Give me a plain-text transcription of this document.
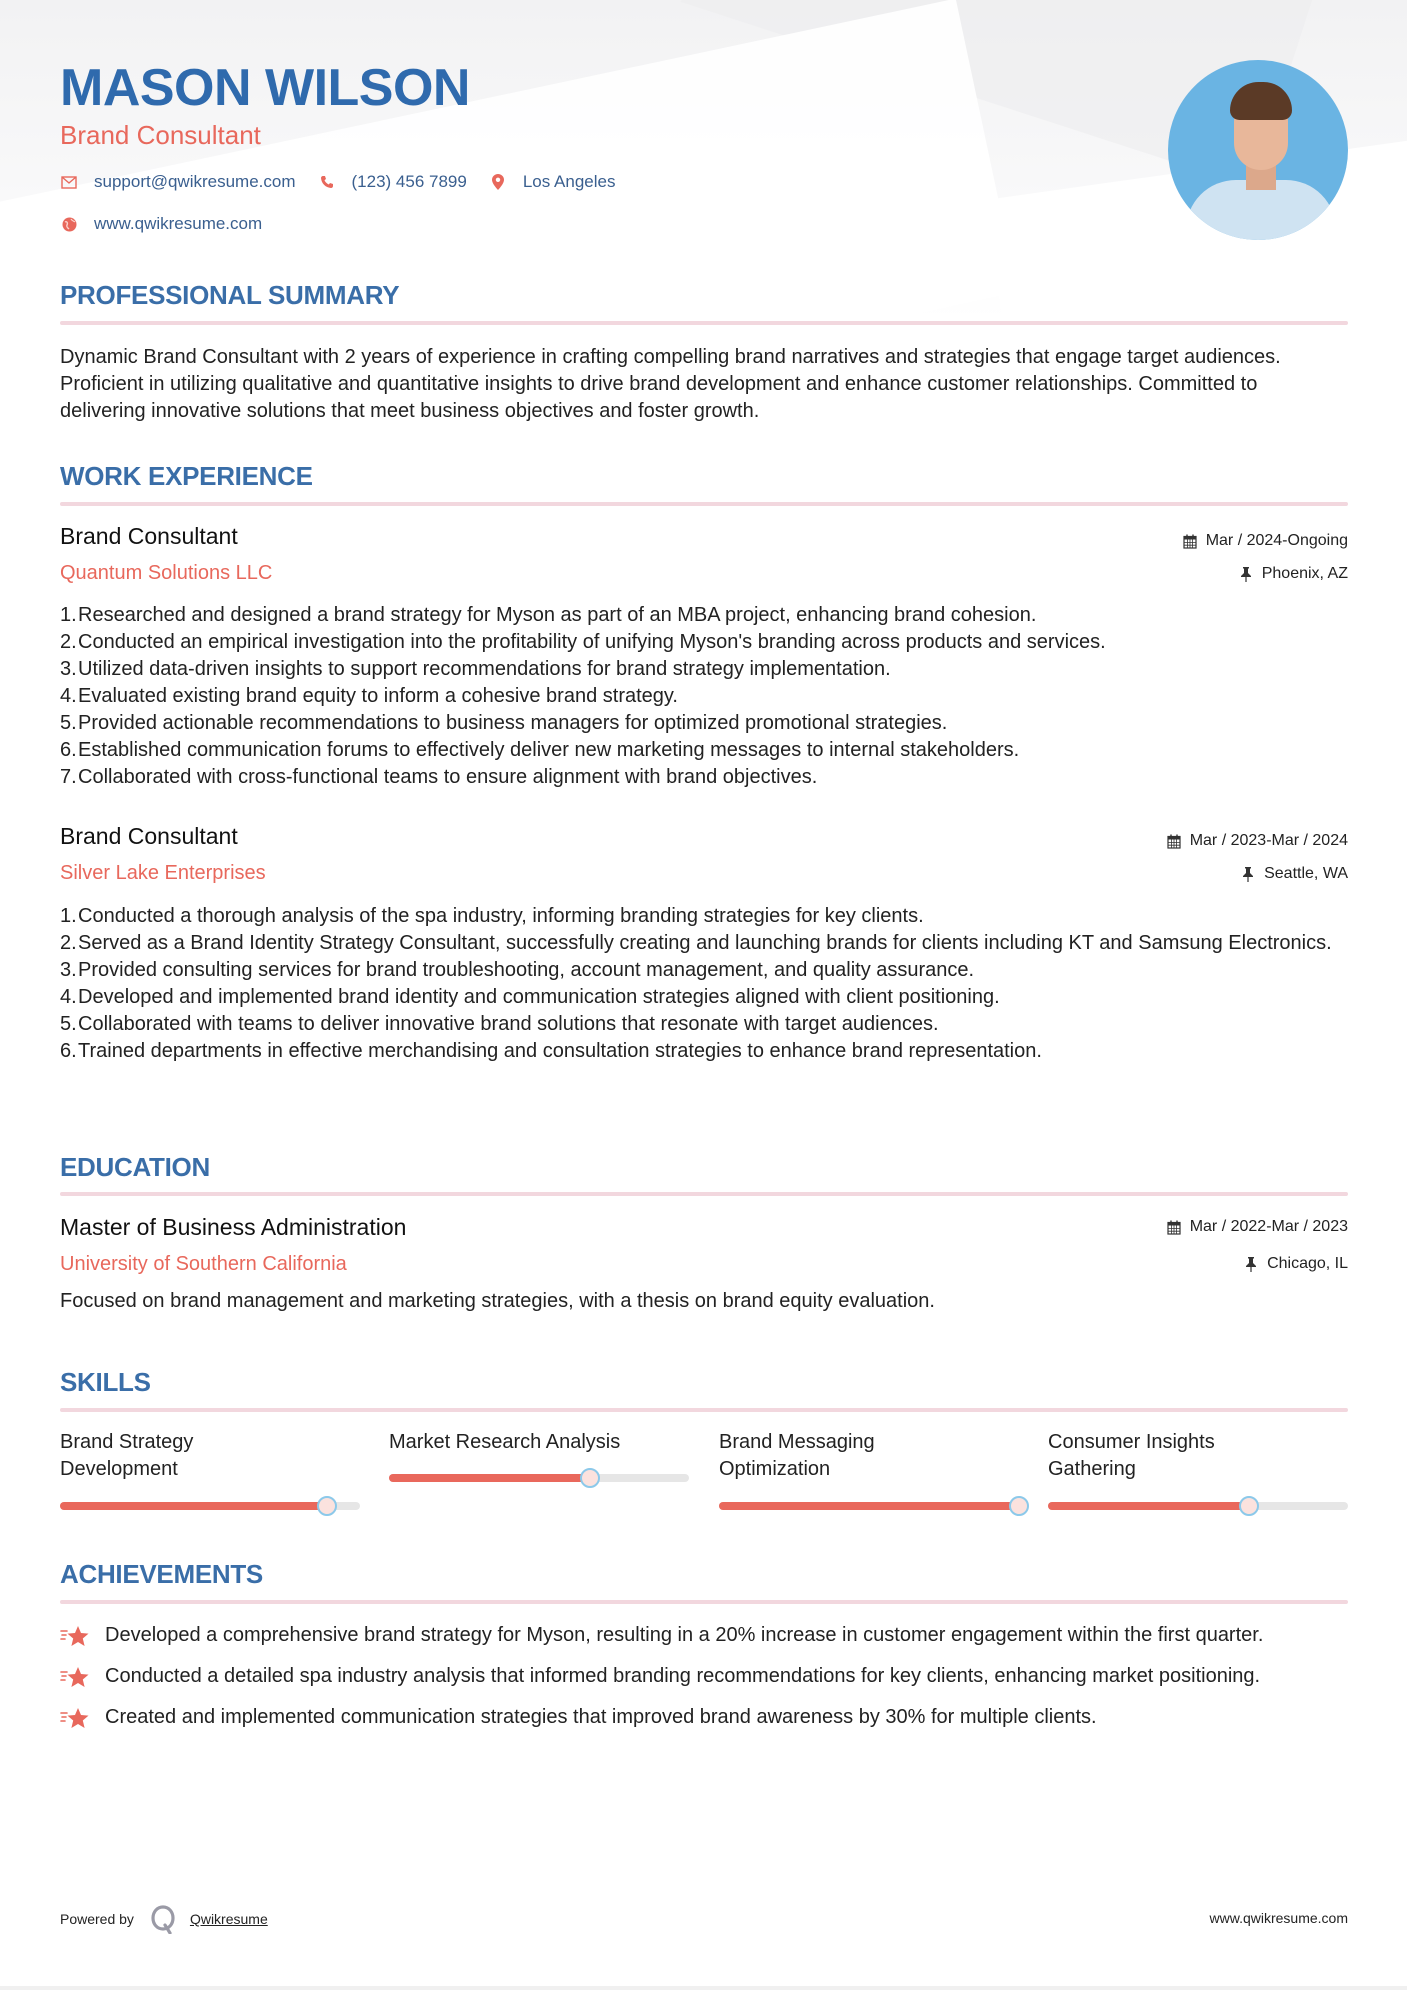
MASON WILSON
Brand Consultant
support@qwikresume.com	(123) 456 7899	Los Angeles
www.qwikresume.com
PROFESSIONAL SUMMARY
Dynamic Brand Consultant with 2 years of experience in crafting compelling brand narratives and strategies that engage target audiences. Proficient in utilizing qualitative and quantitative insights to drive brand development and enhance customer relationships. Committed to delivering innovative solutions that meet business objectives and foster growth.
WORK EXPERIENCE
Brand Consultant
Quantum Solutions LLC
Mar / 2024-Ongoing
Phoenix, AZ
1. Researched and designed a brand strategy for Myson as part of an MBA project, enhancing brand cohesion.
2. Conducted an empirical investigation into the profitability of unifying Myson's branding across products and services.
3. Utilized data-driven insights to support recommendations for brand strategy implementation.
4. Evaluated existing brand equity to inform a cohesive brand strategy.
5. Provided actionable recommendations to business managers for optimized promotional strategies.
6. Established communication forums to effectively deliver new marketing messages to internal stakeholders.
7. Collaborated with cross-functional teams to ensure alignment with brand objectives.
Brand Consultant
Silver Lake Enterprises
Mar / 2023-Mar / 2024
Seattle, WA
1. Conducted a thorough analysis of the spa industry, informing branding strategies for key clients.
2. Served as a Brand Identity Strategy Consultant, successfully creating and launching brands for clients including KT and Samsung Electronics.
3. Provided consulting services for brand troubleshooting, account management, and quality assurance.
4. Developed and implemented brand identity and communication strategies aligned with client positioning.
5. Collaborated with teams to deliver innovative brand solutions that resonate with target audiences.
6. Trained departments in effective merchandising and consultation strategies to enhance brand representation.
EDUCATION
Master of Business Administration
University of Southern California
Mar / 2022-Mar / 2023
Chicago, IL
Focused on brand management and marketing strategies, with a thesis on brand equity evaluation.
SKILLS
Brand Strategy Development
Market Research Analysis	Brand Messaging Optimization
Consumer Insights Gathering
ACHIEVEMENTS
Developed a comprehensive brand strategy for Myson, resulting in a 20% increase in customer engagement within the first quarter.
Conducted a detailed spa industry analysis that informed branding recommendations for key clients, enhancing market positioning.
Created and implemented communication strategies that improved brand awareness by 30% for multiple clients.
Powered by	Qwikresume	www.qwikresume.com
